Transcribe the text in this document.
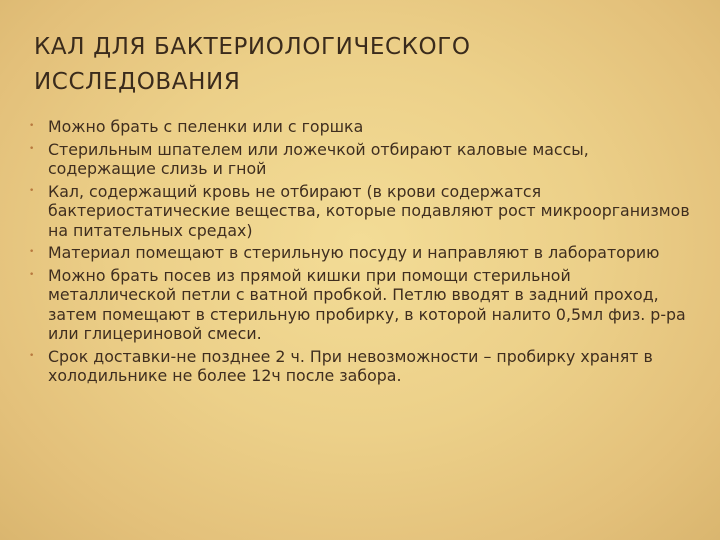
КАЛ ДЛЯ БАКТЕРИОЛОГИЧЕСКОГО ИССЛЕДОВАНИЯ
• Можно брать с пеленки или с горшка
• Стерильным шпателем или ложечкой отбирают каловые массы, содержащие слизь и гной
• Кал, содержащий кровь не отбирают (в крови содержатся бактериостатические вещества, которые подавляют рост микроорганизмов на питательных средах)
• Материал помещают в стерильную посуду и направляют в лабораторию
• Можно брать посев из прямой кишки при помощи стерильной металлической петли с ватной пробкой. Петлю вводят в задний проход, затем помещают в стерильную пробирку, в которой налито 0,5мл физ. р-ра или глицериновой смеси.
• Срок доставки-не позднее 2 ч. При невозможности – пробирку хранят в холодильнике не более 12ч после забора.
